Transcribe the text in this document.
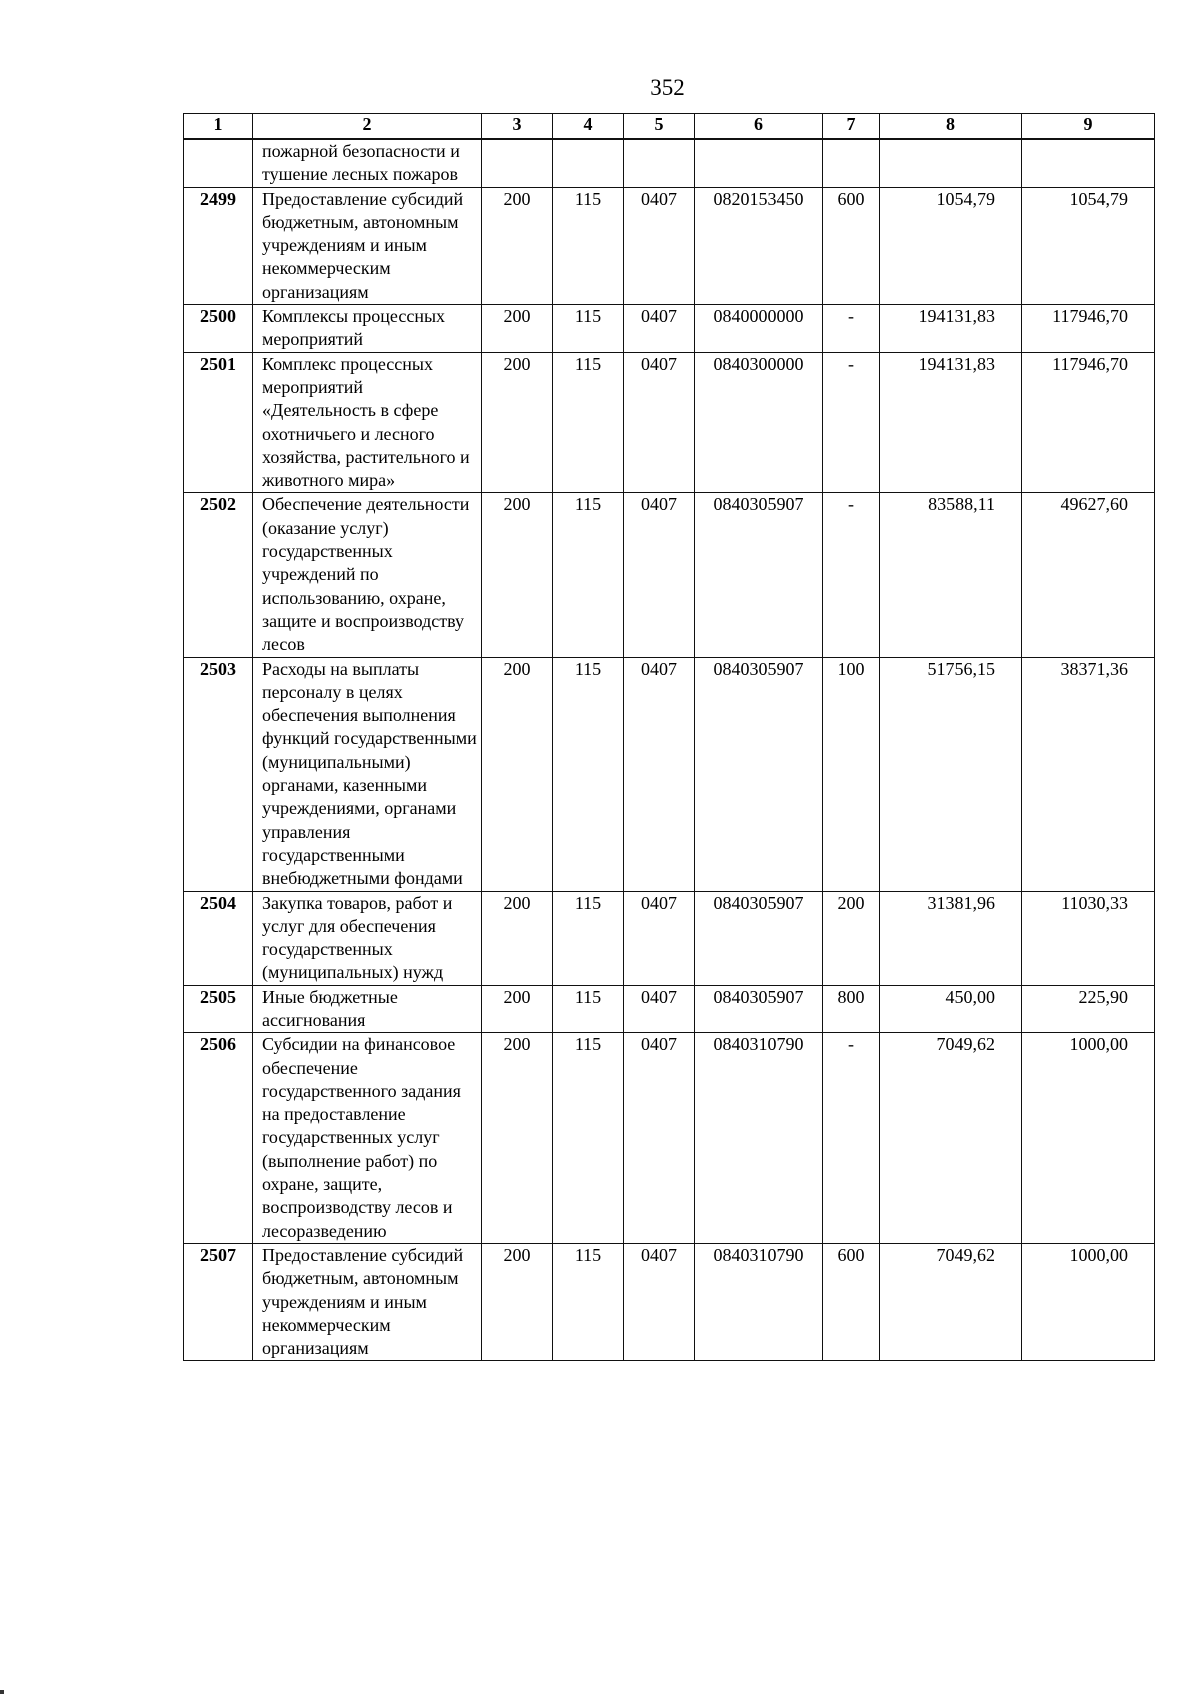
352
1	2	3	4	5	6	7	8	9
	пожарной безопасности и тушение лесных пожаров							
2499	Предоставление субсидий бюджетным, автономным учреждениям и иным некоммерческим организациям	200	115	0407	0820153450	600	1054,79	1054,79
2500	Комплексы процессных мероприятий	200	115	0407	0840000000	-	194131,83	117946,70
2501	Комплекс процессных мероприятий «Деятельность в сфере охотничьего и лесного хозяйства, растительного и животного мира»	200	115	0407	0840300000	-	194131,83	117946,70
2502	Обеспечение деятельности (оказание услуг) государственных учреждений по использованию, охране, защите и воспроизводству лесов	200	115	0407	0840305907	-	83588,11	49627,60
2503	Расходы на выплаты персоналу в целях обеспечения выполнения функций государственными (муниципальными) органами, казенными учреждениями, органами управления государственными внебюджетными фондами	200	115	0407	0840305907	100	51756,15	38371,36
2504	Закупка товаров, работ и услуг для обеспечения государственных (муниципальных) нужд	200	115	0407	0840305907	200	31381,96	11030,33
2505	Иные бюджетные ассигнования	200	115	0407	0840305907	800	450,00	225,90
2506	Субсидии на финансовое обеспечение государственного задания на предоставление государственных услуг (выполнение работ) по охране, защите, воспроизводству лесов и лесоразведению	200	115	0407	0840310790	-	7049,62	1000,00
2507	Предоставление субсидий бюджетным, автономным учреждениям и иным некоммерческим организациям	200	115	0407	0840310790	600	7049,62	1000,00
